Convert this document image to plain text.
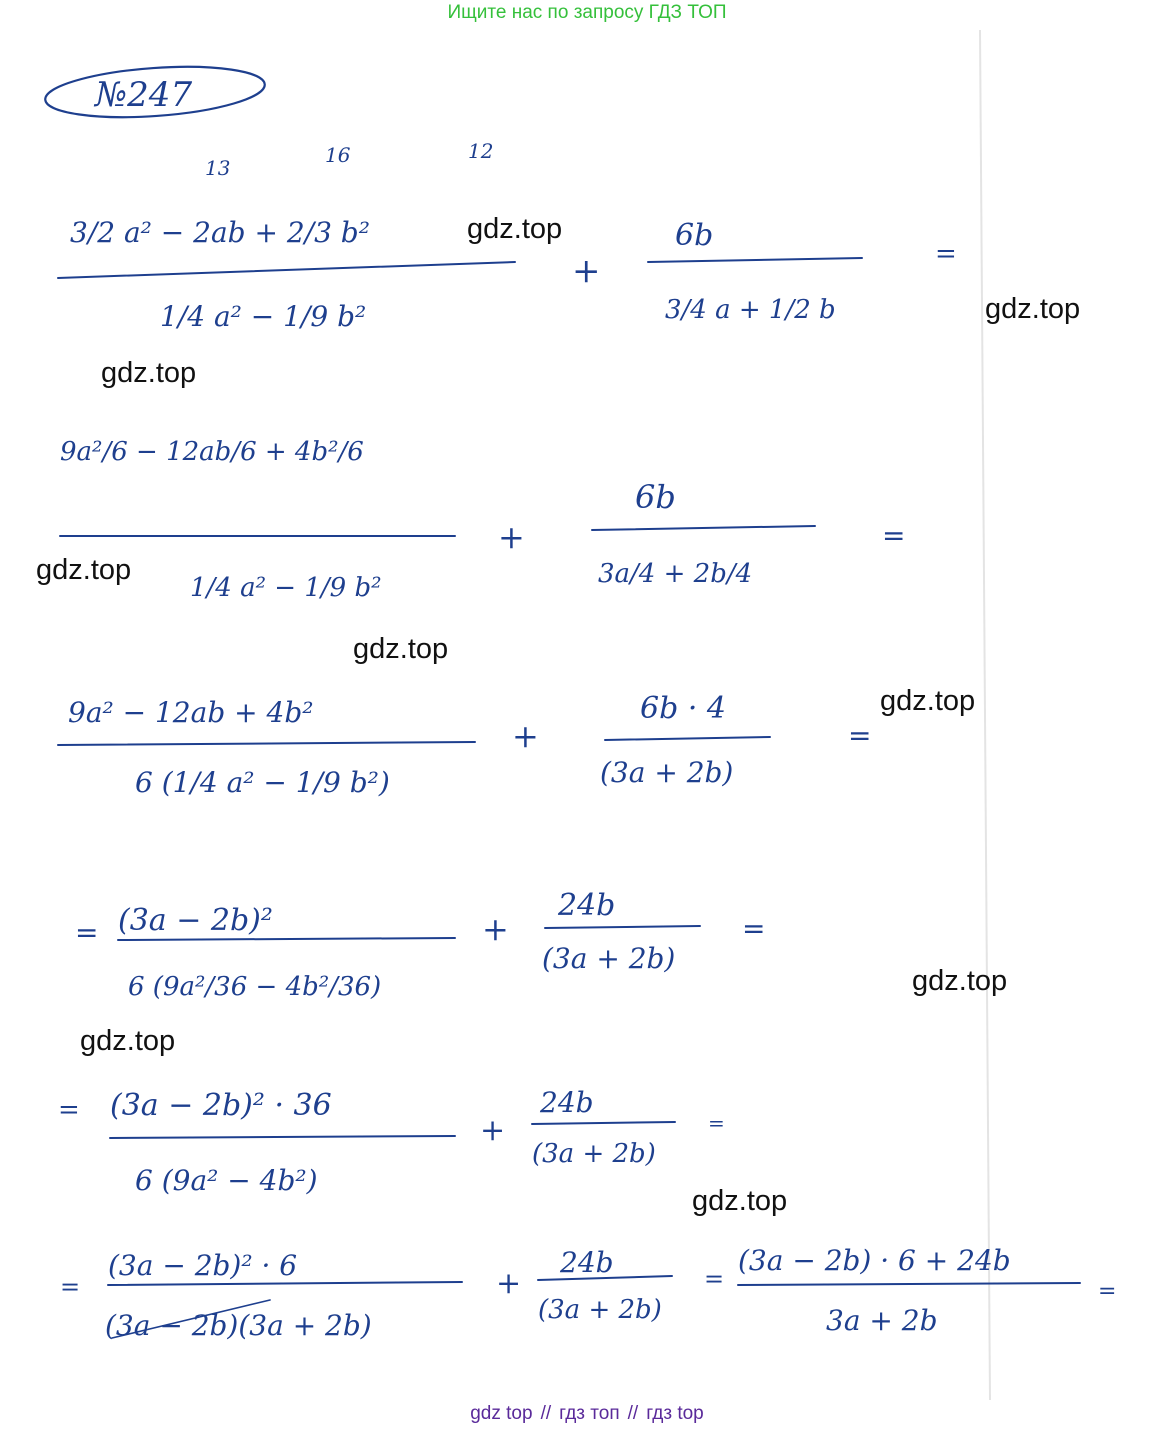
Ищите нас по запросу ГДЗ ТОП
№247
3/2 a² − 2ab + 2/3 b²
13
16	12
1/4 a² − 1/9 b²
+
6b
3/4 a + 1/2 b
=
9a²/6 − 12ab/6 + 4b²/6
1/4 a² − 1/9 b²
+
6b
3a/4 + 2b/4
=
9a² − 12ab + 4b²
6 (1/4 a² − 1/9 b²)
+
6b · 4
(3a + 2b)
=
= (3a − 2b)²
6 (9a²/36 − 4b²/36)
+
24b
(3a + 2b)
=
= (3a − 2b)² · 36
6 (9a² − 4b²)
+
24b
(3a + 2b)
=
=
(3a − 2b)² · 6
(3a − 2b)(3a + 2b)
+
24b
(3a + 2b)
=
(3a − 2b) · 6 + 24b
3a + 2b
=
gdz.top
gdz.top
gdz.top
gdz.top
gdz.top
gdz.top
gdz.top
gdz.top
gdz.top
gdz top // гдз топ // гдз top
